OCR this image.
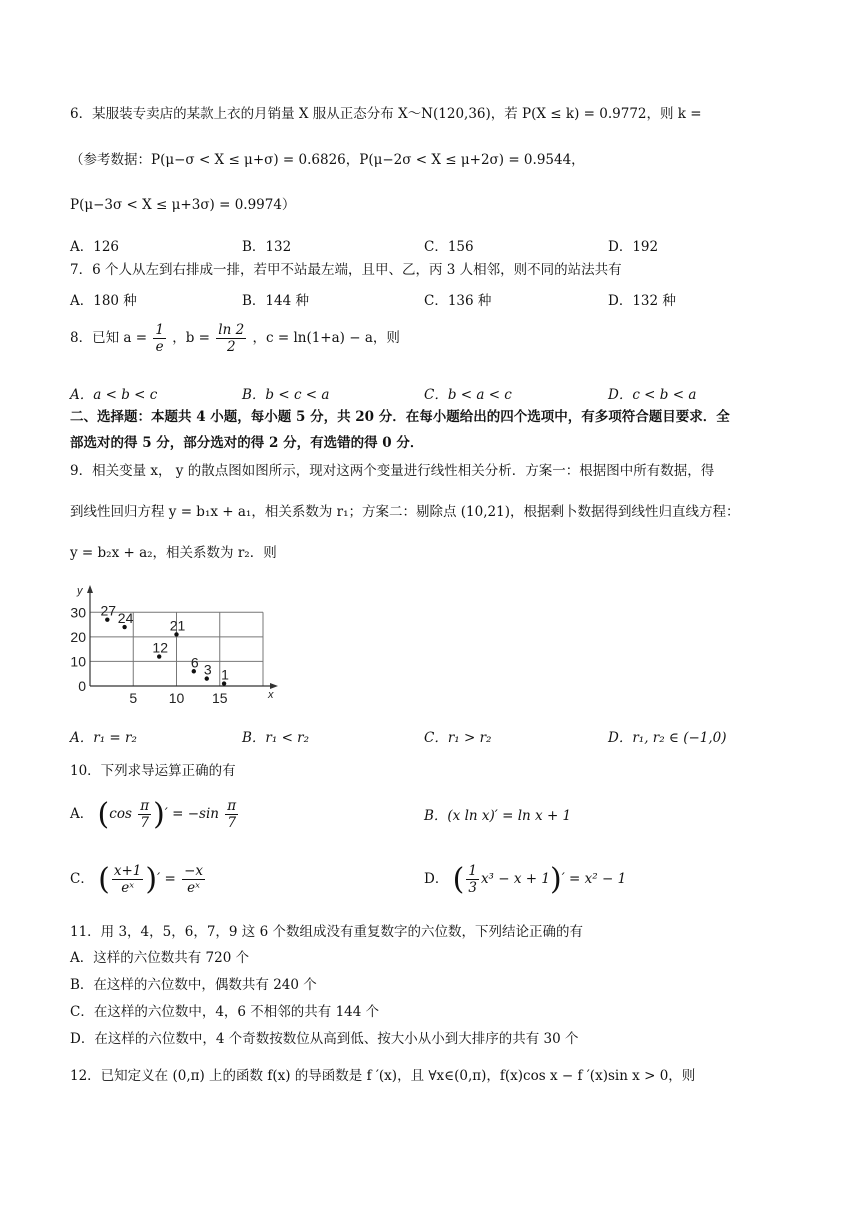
6．某服装专卖店的某款上衣的月销量 X 服从正态分布 X～N(120,36)，若 P(X ≤ k) = 0.9772，则 k =
（参考数据：P(μ−σ < X ≤ μ+σ) = 0.6826，P(μ−2σ < X ≤ μ+2σ) = 0.9544，
P(μ−3σ < X ≤ μ+3σ) = 0.9974）
A．126	B．132	C．156	D．192
7．6 个人从左到右排成一排，若甲不站最左端，且甲、乙，丙 3 人相邻，则不同的站法共有
A．180 种	B．144 种	C．136 种	D．132 种
8．已知 $a = \frac{1}{e}$ ，$b = \frac{\ln 2}{2}$ ，c = ln(1+a) − a，则
A．a < b < c	B．b < c < a	C．b < a < c	D．c < b < a
二、选择题：本题共 4 小题，每小题 5 分，共 20 分．在每小题给出的四个选项中，有多项符合题目要求．全
部选对的得 5 分，部分选对的得 2 分，有选错的得 0 分．
9．相关变量 x， y 的散点图如图所示，现对这两个变量进行线性相关分析．方案一：根据图中所有数据，得
到线性回归方程 y = b₁x + a₁，相关系数为 r₁；方案二：剔除点 (10,21)，根据剩卜数据得到线性归直线方程：
y = b₂x + a₂，相关系数为 r₂．则
x
y
5 10 15
0
10
20
30 27 24
12
21
6 3 1
A．r₁ = r₂	B．r₁ < r₂	C．r₁ > r₂	D．r₁, r₂ ∈ (−1,0)
10．下列求导运算正确的有
A． ($\cos \frac{\pi}{7}$ )′ = $-\sin \frac{\pi}{7}$	B．(x ln x)′ = ln x + 1
C． ( $\frac{x+1}{\text{eˣ}}$ )′ = $\frac{-x}{\text{eˣ}}$	D． ( $\frac{1}{3} x^3 - x + 1)' = x^2 - 1$
11．用 3，4，5，6，7，9 这 6 个数组成没有重复数字的六位数，下列结论正确的有
A．这样的六位数共有 720 个
B．在这样的六位数中，偶数共有 240 个
C．在这样的六位数中，4，6 不相邻的共有 144 个
D．在这样的六位数中，4 个奇数按数位从高到低、按大小从小到大排序的共有 30 个
12．已知定义在 (0,π) 上的函数 f(x) 的导函数是 f ′(x)，且 ∀x∈(0,π)，f(x)cos x − f ′(x)sin x > 0，则
